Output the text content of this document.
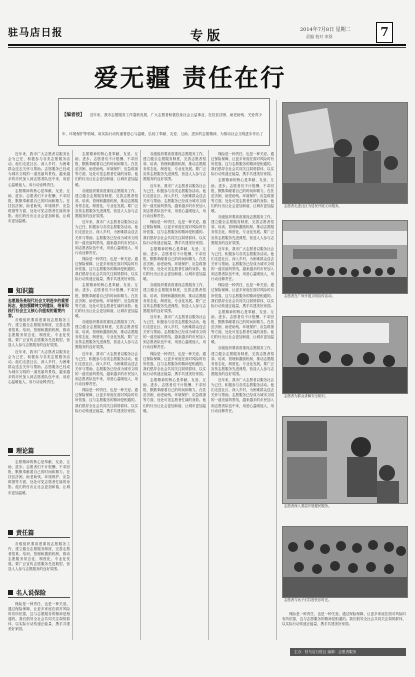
驻马店日报	专版	2014年7月8日 星期二
责编 校对 审阅	7
爱无疆 责任在行
【编者按】 近年来，我市志愿服务工作蓬勃发展，广大志愿者积极投身社会公益事业，在扶贫济困、助老助残、关爱青少年、环境保护等领域，用实际行动传递着爱心与温暖，弘扬了奉献、友爱、互助、进步的志愿精神，为推动社会文明进步作出了

近年来，我市广大志愿者以服务社会为己任，积极参与各类志愿服务活动。他们走进社区、深入乡村，为困难群众送去关怀与帮助。志愿服务已经成为城市文明的一道亮丽风景线，越来越多的市民加入到志愿者队伍中来，用爱心温暖他人，用行动诠释责任。

志愿精神的核心是奉献、友爱、互助、进步。志愿者们不计报酬、不求回报，默默奉献着自己的时间和精力。在扶贫济困、助老助残、环境保护、应急救援等方面，处处可见志愿者忙碌的身影。他们的付出让社会更加和谐，让城市更加温暖。

知识篇
志愿服务是现代社会文明进步的重要标志，是加强精神文明建设、培育和践行社会主义核心价值观的重要内容。

各级组织要高度重视志愿服务工作，建立健全志愿服务制度，完善志愿者招募、培训、管理和激励机制，推动志愿服务常态化、制度化、专业化发展。要广泛宣传志愿服务先进典型，营造人人参与志愿服务的良好氛围。

近年来，我市广大志愿者以服务社会为己任，积极参与各类志愿服务活动。他们走进社区、深入乡村，为困难群众送去关怀与帮助。志愿服务已经成为城市文明的一道亮丽风景线，越来越多的市民加入到志愿者队伍中来，用爱心温暖他人，用行动诠释责任。

理论篇

志愿精神的核心是奉献、友爱、互助、进步。志愿者们不计报酬、不求回报，默默奉献着自己的时间和精力。在扶贫济困、助老助残、环境保护、应急救援等方面，处处可见志愿者忙碌的身影。他们的付出让社会更加和谐，让城市更加温暖。

责任篇

各级组织要高度重视志愿服务工作，建立健全志愿服务制度，完善志愿者招募、培训、管理和激励机制，推动志愿服务常态化、制度化、专业化发展。要广泛宣传志愿服务先进典型，营造人人参与志愿服务的良好氛围。

名人说保险

保险是一种责任，也是一种关爱。通过保险保障，让更多家庭在面对风险时有所依靠，这与志愿服务的精神是相通的。我们倡导全社会共同关注弱势群体，以实际行动传递正能量，携手共建美好家园。

志愿精神的核心是奉献、友爱、互助、进步。志愿者们不计报酬、不求回报，默默奉献着自己的时间和精力。在扶贫济困、助老助残、环境保护、应急救援等方面，处处可见志愿者忙碌的身影。他们的付出让社会更加和谐，让城市更加温暖。

各级组织要高度重视志愿服务工作，建立健全志愿服务制度，完善志愿者招募、培训、管理和激励机制，推动志愿服务常态化、制度化、专业化发展。要广泛宣传志愿服务先进典型，营造人人参与志愿服务的良好氛围。

近年来，我市广大志愿者以服务社会为己任，积极参与各类志愿服务活动。他们走进社区、深入乡村，为困难群众送去关怀与帮助。志愿服务已经成为城市文明的一道亮丽风景线，越来越多的市民加入到志愿者队伍中来，用爱心温暖他人，用行动诠释责任。

保险是一种责任，也是一种关爱。通过保险保障，让更多家庭在面对风险时有所依靠，这与志愿服务的精神是相通的。我们倡导全社会共同关注弱势群体，以实际行动传递正能量，携手共建美好家园。

志愿精神的核心是奉献、友爱、互助、进步。志愿者们不计报酬、不求回报，默默奉献着自己的时间和精力。在扶贫济困、助老助残、环境保护、应急救援等方面，处处可见志愿者忙碌的身影。他们的付出让社会更加和谐，让城市更加温暖。

各级组织要高度重视志愿服务工作，建立健全志愿服务制度，完善志愿者招募、培训、管理和激励机制，推动志愿服务常态化、制度化、专业化发展。要广泛宣传志愿服务先进典型，营造人人参与志愿服务的良好氛围。

近年来，我市广大志愿者以服务社会为己任，积极参与各类志愿服务活动。他们走进社区、深入乡村，为困难群众送去关怀与帮助。志愿服务已经成为城市文明的一道亮丽风景线，越来越多的市民加入到志愿者队伍中来，用爱心温暖他人，用行动诠释责任。

保险是一种责任，也是一种关爱。通过保险保障，让更多家庭在面对风险时有所依靠，这与志愿服务的精神是相通的。我们倡导全社会共同关注弱势群体，以实际行动传递正能量，携手共建美好家园。

各级组织要高度重视志愿服务工作，建立健全志愿服务制度，完善志愿者招募、培训、管理和激励机制，推动志愿服务常态化、制度化、专业化发展。要广泛宣传志愿服务先进典型，营造人人参与志愿服务的良好氛围。

近年来，我市广大志愿者以服务社会为己任，积极参与各类志愿服务活动。他们走进社区、深入乡村，为困难群众送去关怀与帮助。志愿服务已经成为城市文明的一道亮丽风景线，越来越多的市民加入到志愿者队伍中来，用爱心温暖他人，用行动诠释责任。

保险是一种责任，也是一种关爱。通过保险保障，让更多家庭在面对风险时有所依靠，这与志愿服务的精神是相通的。我们倡导全社会共同关注弱势群体，以实际行动传递正能量，携手共建美好家园。

志愿精神的核心是奉献、友爱、互助、进步。志愿者们不计报酬、不求回报，默默奉献着自己的时间和精力。在扶贫济困、助老助残、环境保护、应急救援等方面，处处可见志愿者忙碌的身影。他们的付出让社会更加和谐，让城市更加温暖。

各级组织要高度重视志愿服务工作，建立健全志愿服务制度，完善志愿者招募、培训、管理和激励机制，推动志愿服务常态化、制度化、专业化发展。要广泛宣传志愿服务先进典型，营造人人参与志愿服务的良好氛围。

近年来，我市广大志愿者以服务社会为己任，积极参与各类志愿服务活动。他们走进社区、深入乡村，为困难群众送去关怀与帮助。志愿服务已经成为城市文明的一道亮丽风景线，越来越多的市民加入到志愿者队伍中来，用爱心温暖他人，用行动诠释责任。

保险是一种责任，也是一种关爱。通过保险保障，让更多家庭在面对风险时有所依靠，这与志愿服务的精神是相通的。我们倡导全社会共同关注弱势群体，以实际行动传递正能量，携手共建美好家园。

志愿精神的核心是奉献、友爱、互助、进步。志愿者们不计报酬、不求回报，默默奉献着自己的时间和精力。在扶贫济困、助老助残、环境保护、应急救援等方面，处处可见志愿者忙碌的身影。他们的付出让社会更加和谐，让城市更加温暖。

保险是一种责任，也是一种关爱。通过保险保障，让更多家庭在面对风险时有所依靠，这与志愿服务的精神是相通的。我们倡导全社会共同关注弱势群体，以实际行动传递正能量，携手共建美好家园。

志愿精神的核心是奉献、友爱、互助、进步。志愿者们不计报酬、不求回报，默默奉献着自己的时间和精力。在扶贫济困、助老助残、环境保护、应急救援等方面，处处可见志愿者忙碌的身影。他们的付出让社会更加和谐，让城市更加温暖。

各级组织要高度重视志愿服务工作，建立健全志愿服务制度，完善志愿者招募、培训、管理和激励机制，推动志愿服务常态化、制度化、专业化发展。要广泛宣传志愿服务先进典型，营造人人参与志愿服务的良好氛围。

近年来，我市广大志愿者以服务社会为己任，积极参与各类志愿服务活动。他们走进社区、深入乡村，为困难群众送去关怀与帮助。志愿服务已经成为城市文明的一道亮丽风景线，越来越多的市民加入到志愿者队伍中来，用爱心温暖他人，用行动诠释责任。

保险是一种责任，也是一种关爱。通过保险保障，让更多家庭在面对风险时有所依靠，这与志愿服务的精神是相通的。我们倡导全社会共同关注弱势群体，以实际行动传递正能量，携手共建美好家园。

志愿精神的核心是奉献、友爱、互助、进步。志愿者们不计报酬、不求回报，默默奉献着自己的时间和精力。在扶贫济困、助老助残、环境保护、应急救援等方面，处处可见志愿者忙碌的身影。他们的付出让社会更加和谐，让城市更加温暖。

各级组织要高度重视志愿服务工作，建立健全志愿服务制度，完善志愿者招募、培训、管理和激励机制，推动志愿服务常态化、制度化、专业化发展。要广泛宣传志愿服务先进典型，营造人人参与志愿服务的良好氛围。

近年来，我市广大志愿者以服务社会为己任，积极参与各类志愿服务活动。他们走进社区、深入乡村，为困难群众送去关怀与帮助。志愿服务已经成为城市文明的一道亮丽风景线，越来越多的市民加入到志愿者队伍中来，用爱心温暖他人，用行动诠释责任。

志愿者走进社区为居民开展义诊服务。
志愿者在广场开展文明宣传活动。
志愿者为群众讲解安全知识。
志愿者深入基层开展便民服务。
志愿者与孩子们共度快乐时光。

保险是一种责任，也是一种关爱。通过保险保障，让更多家庭在面对风险时有所依靠，这与志愿服务的精神是相通的。我们倡导全社会共同关注弱势群体，以实际行动传递正能量，携手共建美好家园。

主办：驻马店日报社 编辑：志愿者服务
